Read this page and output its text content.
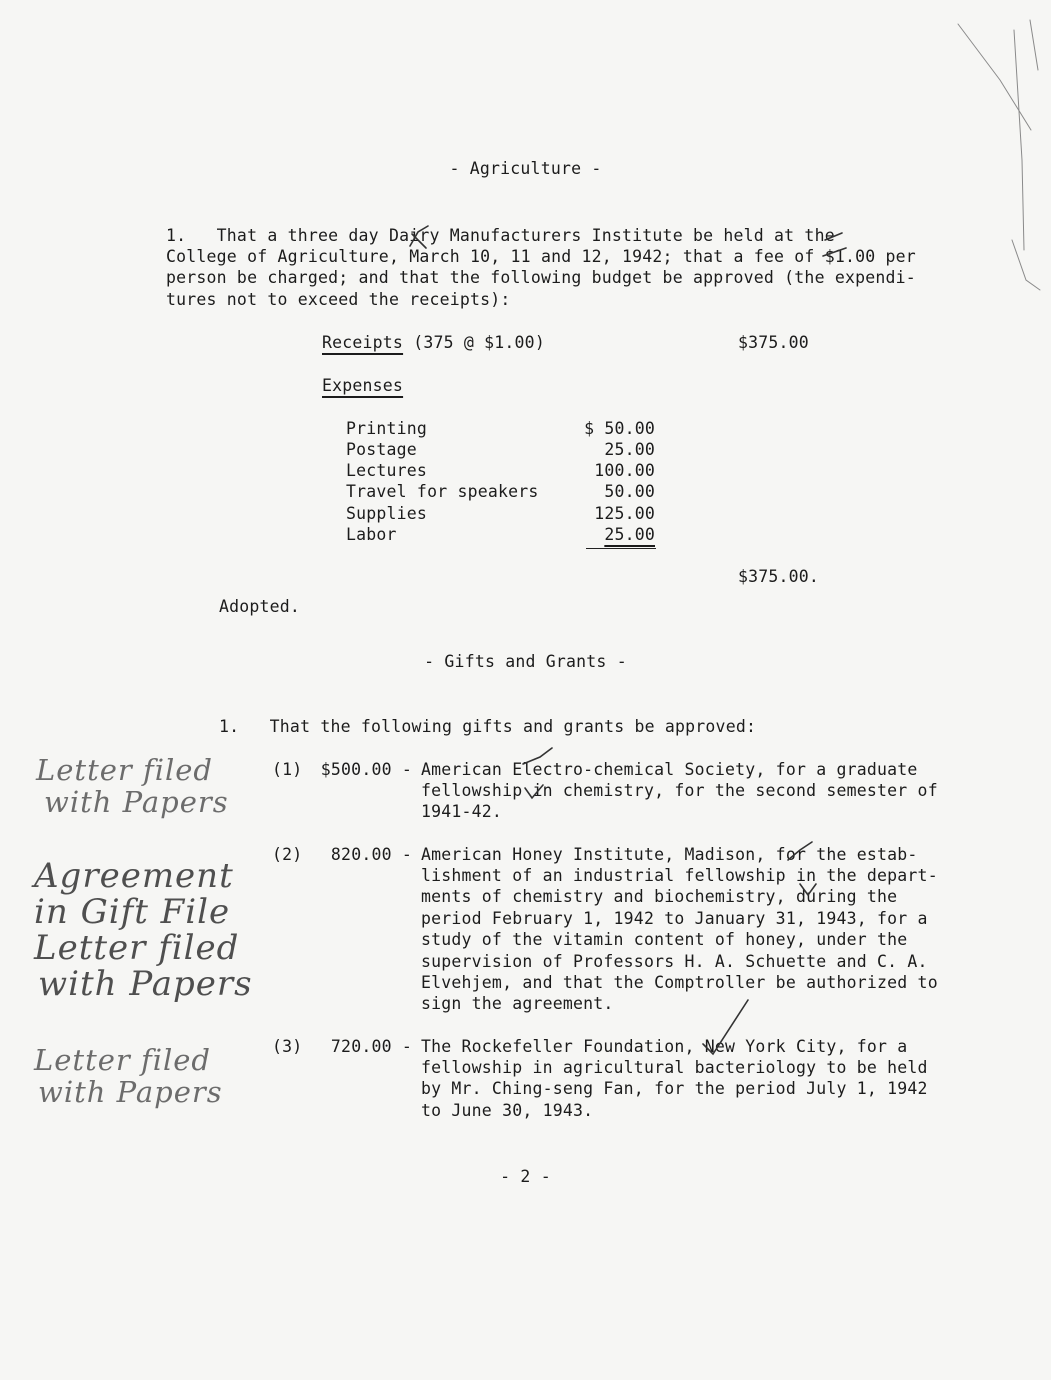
- Agriculture -
1.   That a three day Dairy Manufacturers Institute be held at the
College of Agriculture, March 10, 11 and 12, 1942; that a fee of $1.00 per
person be charged; and that the following budget be approved (the expendi-
tures not to exceed the receipts):
Receipts (375 @ $1.00)	$375.00
Expenses
Printing	$ 50.00
Postage	25.00
Lectures	100.00
Travel for speakers	50.00
Supplies	125.00
Labor	25.00
$375.00.
Adopted.
- Gifts and Grants -
1.   That the following gifts and grants be approved:
(1)	$500.00 - American Electro-chemical Society, for a graduate
fellowship in chemistry, for the second semester of
1941-42.
(2)	820.00 - American Honey Institute, Madison, for the estab-
lishment of an industrial fellowship in the depart-
ments of chemistry and biochemistry, during the
period February 1, 1942 to January 31, 1943, for a
study of the vitamin content of honey, under the
supervision of Professors H. A. Schuette and C. A.
Elvehjem, and that the Comptroller be authorized to
sign the agreement.
(3)	720.00 - The Rockefeller Foundation, New York City, for a
fellowship in agricultural bacteriology to be held
by Mr. Ching-seng Fan, for the period July 1, 1942
to June 30, 1943.
Letter filed
with Papers
Agreement
in Gift File
Letter filed
with Papers
Letter filed
with Papers
- 2 -
